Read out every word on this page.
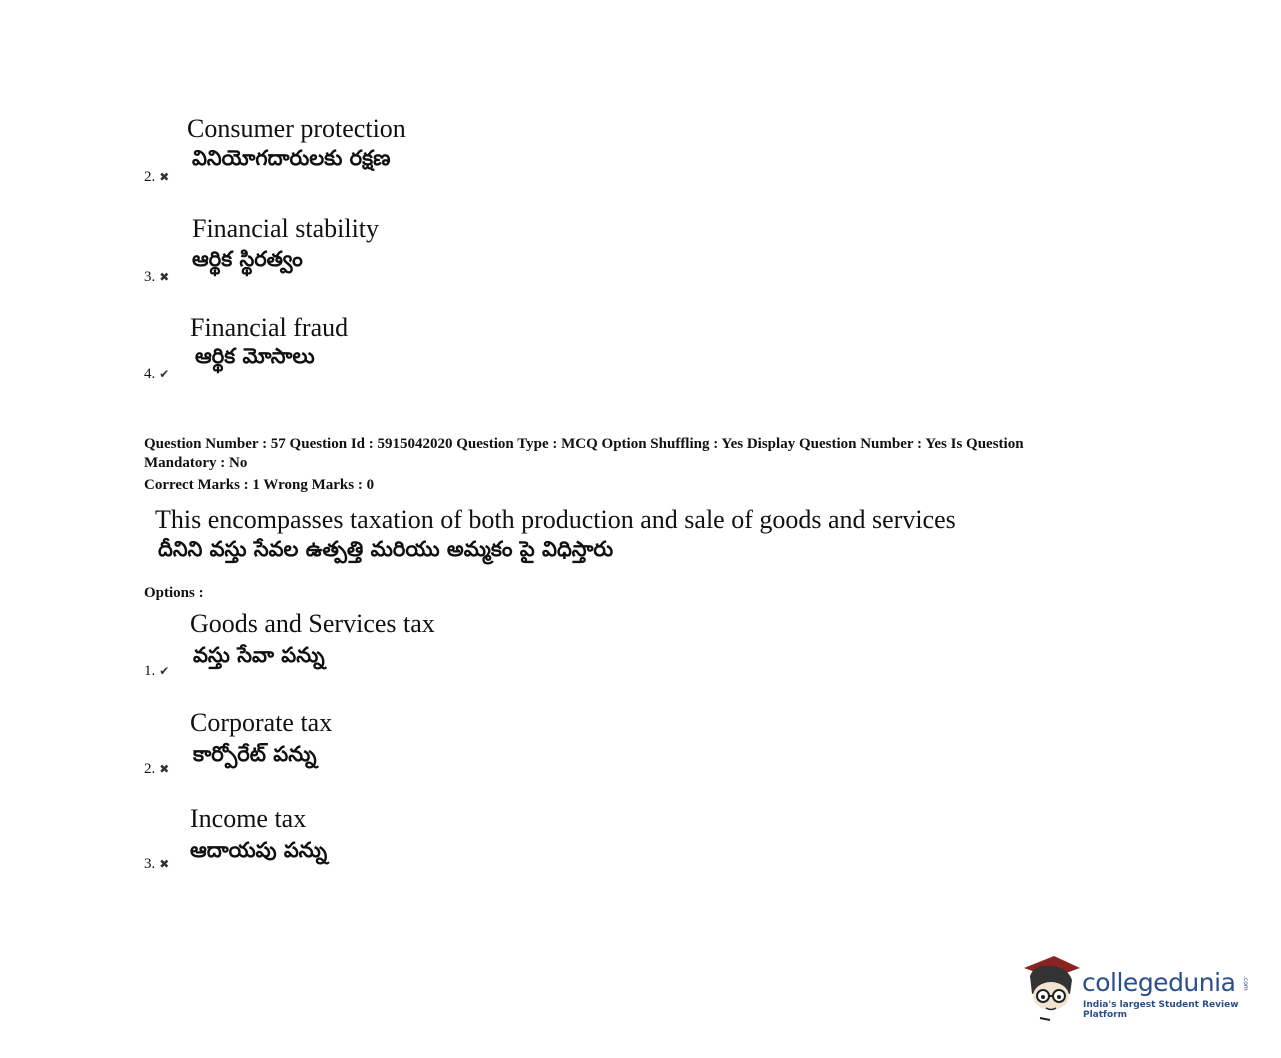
Consumer protection
వినియోగదారులకు రక్షణ
2. ✖
Financial stability
ఆర్థిక స్థిరత్వం
3. ✖
Financial fraud
ఆర్థిక మోసాలు
4. ✔
Question Number : 57 Question Id : 5915042020 Question Type : MCQ Option Shuffling : Yes Display Question Number : Yes Is Question
Mandatory : No
Correct Marks : 1 Wrong Marks : 0
This encompasses taxation of both production and sale of goods and services
దీనిని వస్తు సేవల ఉత్పత్తి మరియు అమ్మకం పై విధిస్తారు
Options :
Goods and Services tax
వస్తు సేవా పన్ను
1. ✔
Corporate tax
కార్పోరేట్ పన్ను
2. ✖
Income tax
ఆదాయపు పన్ను
3. ✖
collegedunia .com
India's largest Student Review Platform
